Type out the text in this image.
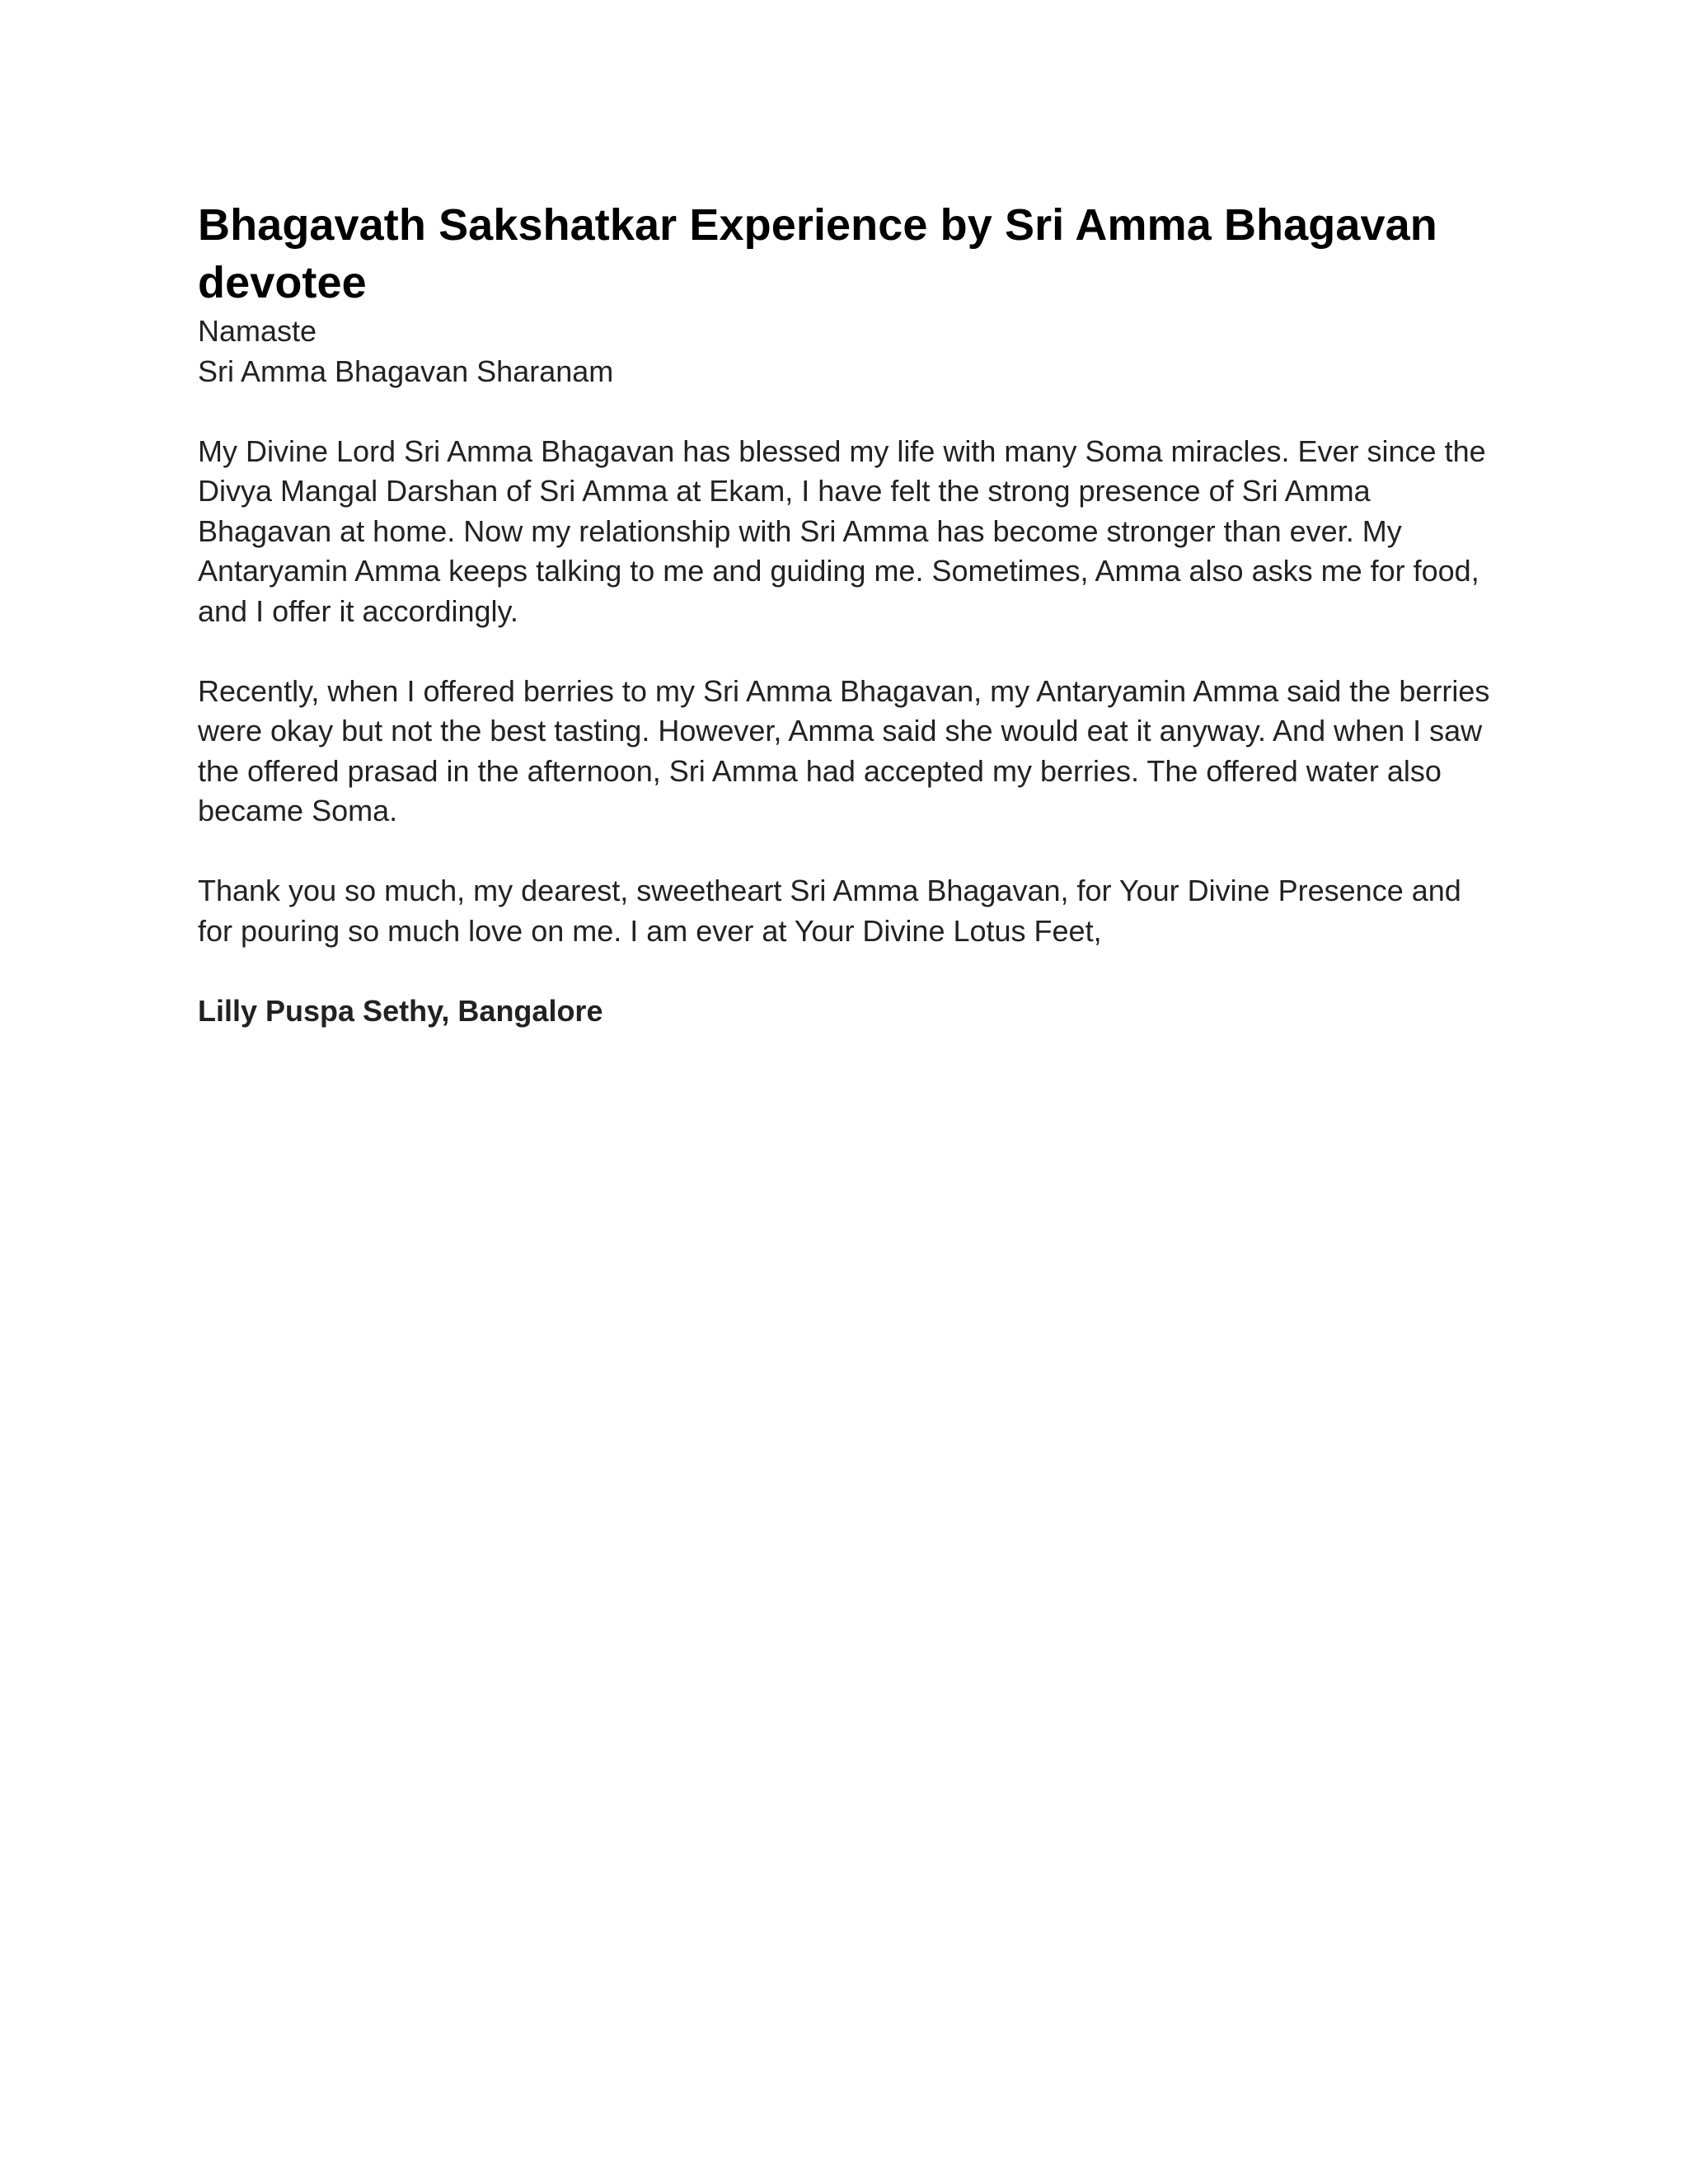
Bhagavath Sakshatkar Experience by Sri Amma Bhagavan devotee

Namaste

Sri Amma Bhagavan Sharanam

My Divine Lord Sri Amma Bhagavan has blessed my life with many Soma miracles. Ever since the Divya Mangal Darshan of Sri Amma at Ekam, I have felt the strong presence of Sri Amma Bhagavan at home. Now my relationship with Sri Amma has become stronger than ever. My Antaryamin Amma keeps talking to me and guiding me. Sometimes, Amma also asks me for food, and I offer it accordingly.

Recently, when I offered berries to my Sri Amma Bhagavan, my Antaryamin Amma said the berries were okay but not the best tasting. However, Amma said she would eat it anyway. And when I saw the offered prasad in the afternoon, Sri Amma had accepted my berries. The offered water also became Soma.

Thank you so much, my dearest, sweetheart Sri Amma Bhagavan, for Your Divine Presence and for pouring so much love on me. I am ever at Your Divine Lotus Feet,

Lilly Puspa Sethy, Bangalore
